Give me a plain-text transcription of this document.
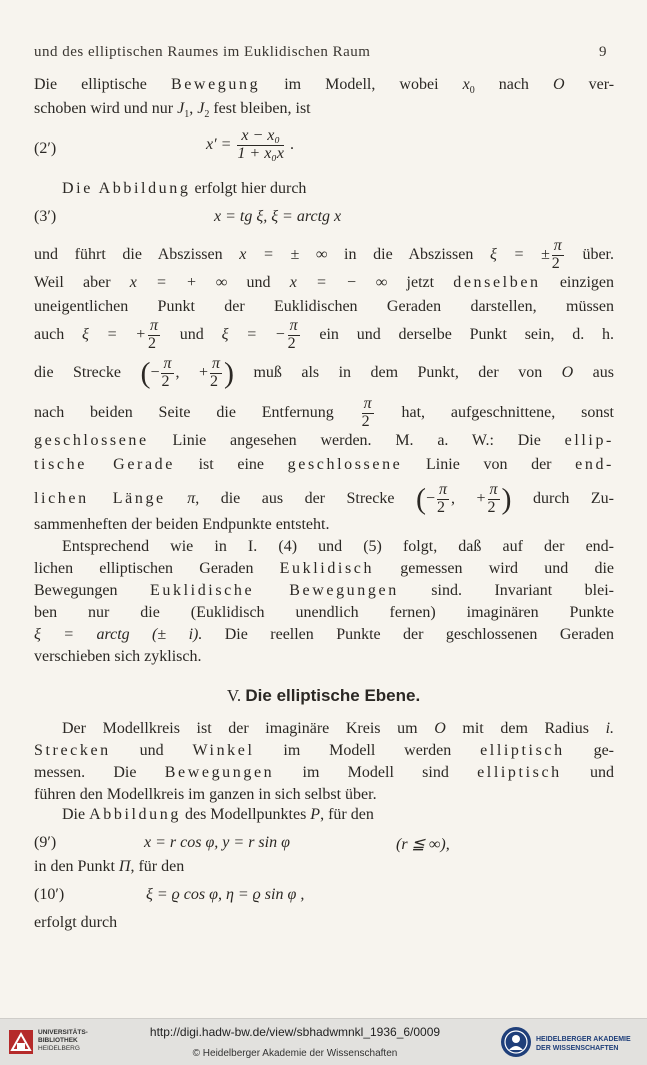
und des elliptischen Raumes im Euklidischen Raum	9
Die elliptische Bewegung im Modell, wobei $x_0$ nach O ver-
schoben wird und nur $J_1$, $J_2$ fest bleiben, ist
(2′)	$x' = \frac{\text{x − x₀}}{\text{1 + x₀x}}$ .
Die Abbildung erfolgt hier durch
(3′)	x = tg ξ, ξ = arctg x
und führt die Abszissen x = ± ∞ in die Abszissen ξ = ± $\frac{\pi}{2}$ über.
Weil aber x = + ∞ und x = − ∞ jetzt denselben einzigen
uneigentlichen Punkt der Euklidischen Geraden darstellen, müssen
auch ξ = + $\frac{\pi}{2}$ und ξ = − $\frac{\pi}{2}$ ein und derselbe Punkt sein, d. h.
die Strecke (− $\frac{\pi}{2}$ , + $\frac{\pi}{2}$ ) muß als in dem Punkt, der von O aus
nach beiden Seite die Entfernung $\frac{\pi}{2}$ hat, aufgeschnittene, sonst
geschlossene Linie angesehen werden. M. a. W.: Die ellip-
tische Gerade ist eine geschlossene Linie von der end-
lichen Länge π, die aus der Strecke (− $\frac{\pi}{2}$ , + $\frac{\pi}{2}$ ) durch Zu-
sammenheften der beiden Endpunkte entsteht.
Entsprechend wie in I. (4) und (5) folgt, daß auf der end-
lichen elliptischen Geraden Euklidisch gemessen wird und die
Bewegungen Euklidische Bewegungen sind. Invariant blei-
ben nur die (Euklidisch unendlich fernen) imaginären Punkte
ξ = arctg (± i). Die reellen Punkte der geschlossenen Geraden
verschieben sich zyklisch.
V. Die elliptische Ebene.
Der Modellkreis ist der imaginäre Kreis um O mit dem Radius i.
Strecken und Winkel im Modell werden elliptisch ge-
messen. Die Bewegungen im Modell sind elliptisch und
führen den Modellkreis im ganzen in sich selbst über.
Die Abbildung des Modellpunktes P, für den
(9′)	x = r cos φ, y = r sin φ	(r ≦ ∞),
in den Punkt Π, für den
(10′)	ξ = ϱ cos φ, η = ϱ sin φ ,
erfolgt durch
UNIVERSITÄTS-
BIBLIOTHEK
HEIDELBERG
http://digi.hadw-bw.de/view/sbhadwmnkl_1936_6/0009
© Heidelberger Akademie der Wissenschaften
HEIDELBERGER AKADEMIE
DER WISSENSCHAFTEN
